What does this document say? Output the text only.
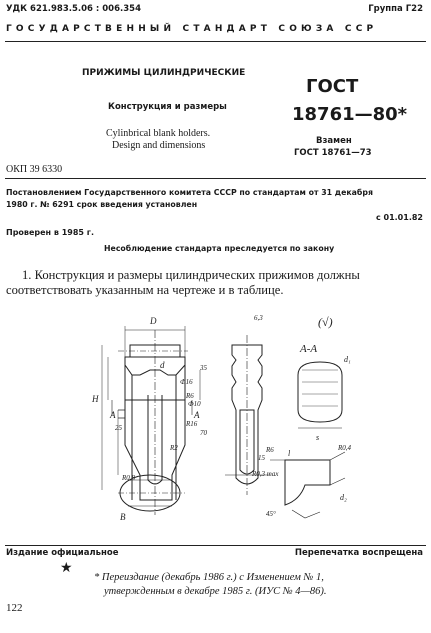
УДК 621.983.5.06 : 006.354	Группа Г22
ГОСУДАРСТВЕННЫЙ СТАНДАРТ СОЮЗА ССР
ПРИЖИМЫ ЦИЛИНДРИЧЕСКИЕ
Конструкция и размеры
Cylinbrical blank holders.
Design and dimensions
ГОСТ
18761—80*
Взамен
ГОСТ 18761—73
ОКП 39 6330
Постановлением Государственного комитета СССР по стандартам от 31 декабря
1980 г. № 6291 срок введения установлен
с 01.01.82
Проверен в 1985 г.
Несоблюдение стандарта преследуется по закону
1. Конструкция и размеры цилиндрических прижимов должны
соответствовать указанным на чертеже и в таблице.
D
d
Ф16
R6
Ф10
H
A	A
R16
R2
25
35
B
R0,8
70
R6
6,3	(√)
А-А
d₁
s
l
R0,4
R0,3 max
15
d₂
45°
Издание официальное	Перепечатка воспрещена
★
* Переиздание (декабрь 1986 г.) с Изменением № 1,
утвержденным в декабре 1985 г. (ИУС № 4—86).
122
